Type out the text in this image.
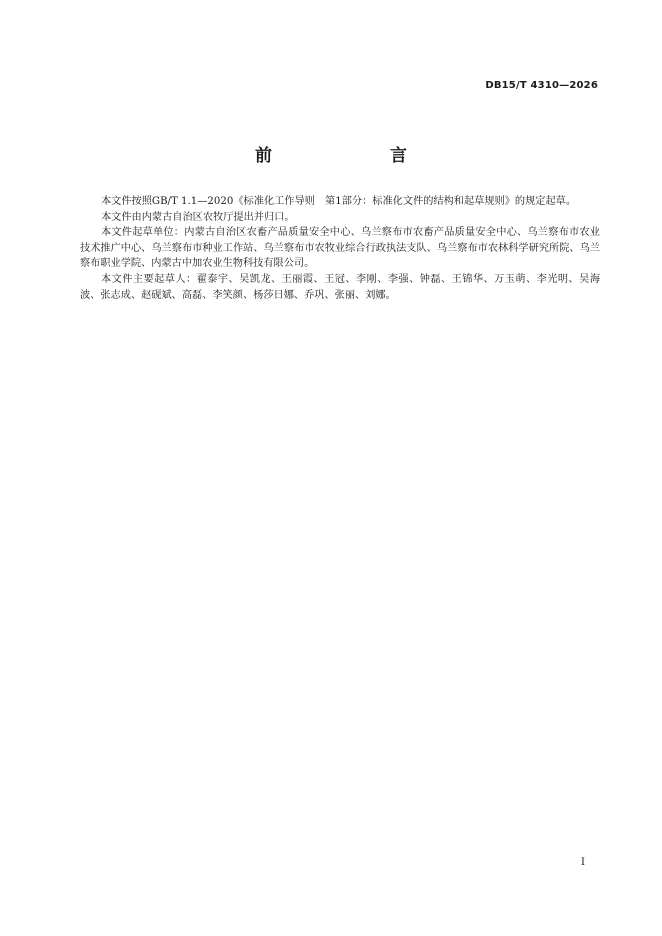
DB15/T 4310—2026
前　　言

本文件按照GB/T 1.1—2020《标准化工作导则　第1部分：标准化文件的结构和起草规则》的规定起草。

本文件由内蒙古自治区农牧厅提出并归口。

本文件起草单位：内蒙古自治区农畜产品质量安全中心、乌兰察布市农畜产品质量安全中心、乌兰察布市农业技术推广中心、乌兰察布市种业工作站、乌兰察布市农牧业综合行政执法支队、乌兰察布市农林科学研究所院、乌兰察布职业学院、内蒙古中加农业生物科技有限公司。

本文件主要起草人：翟泰宇、吴凯龙、王丽霞、王冠、李刚、李强、钟磊、王锦华、万玉萌、李光明、吴海波、张志成、赵砚斌、高磊、李笑颜、杨莎日娜、乔巩、张丽、刘娜。

I
